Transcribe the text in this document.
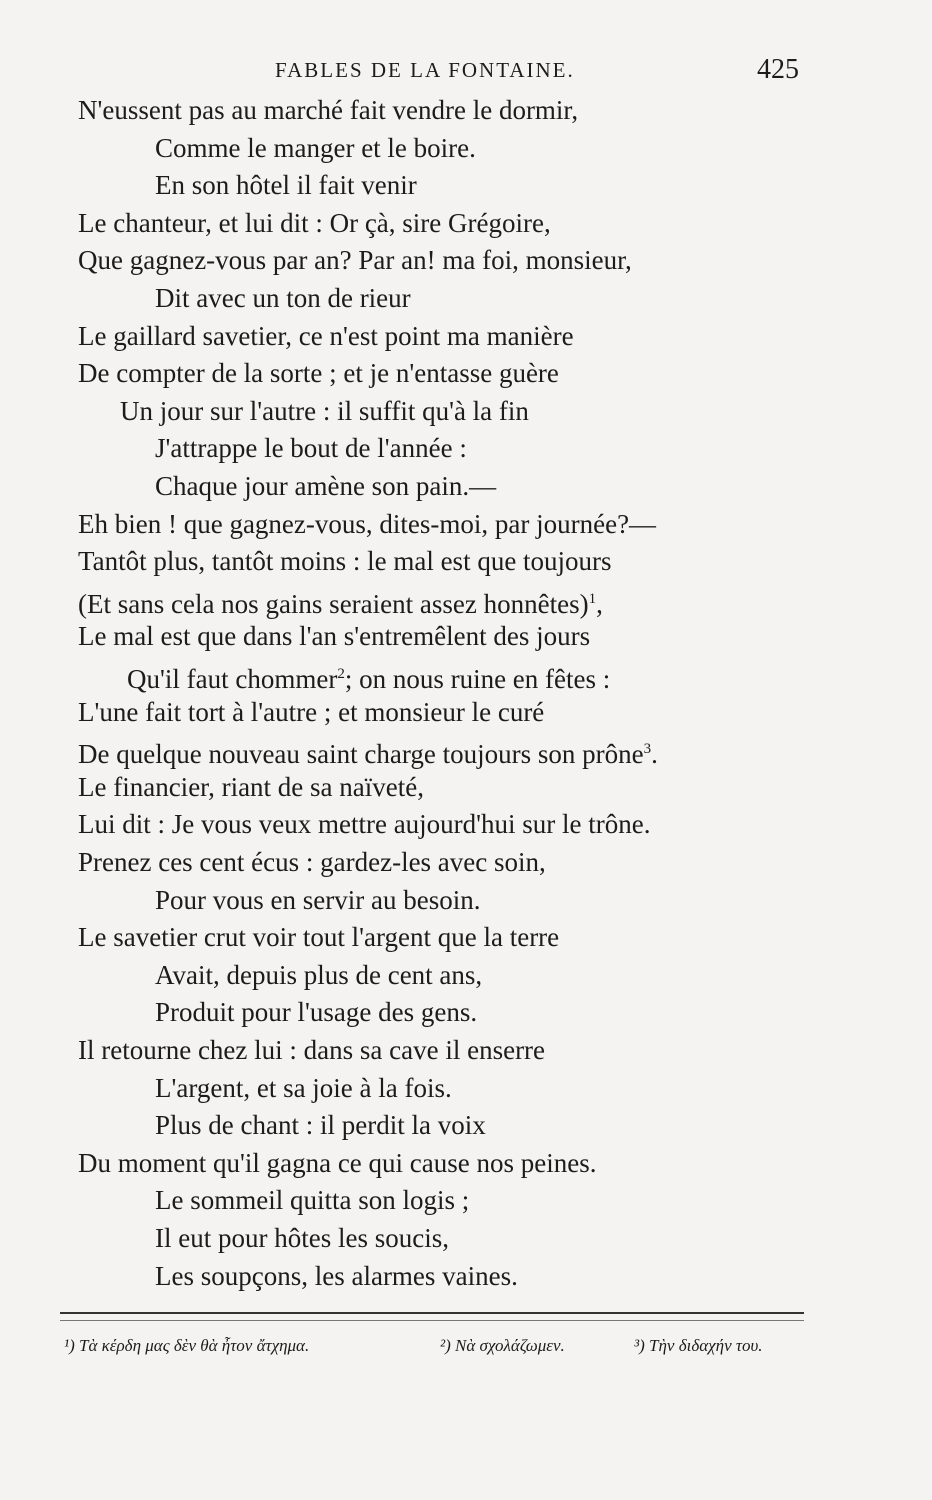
FABLES DE LA FONTAINE.	425
N'eussent pas au marché fait vendre le dormir,
Comme le manger et le boire.
En son hôtel il fait venir
Le chanteur, et lui dit : Or çà, sire Grégoire,
Que gagnez-vous par an? Par an! ma foi, monsieur,
Dit avec un ton de rieur
Le gaillard savetier, ce n'est point ma manière
De compter de la sorte ; et je n'entasse guère
Un jour sur l'autre : il suffit qu'à la fin
J'attrappe le bout de l'année :
Chaque jour amène son pain.—
Eh bien ! que gagnez-vous, dites-moi, par journée?—
Tantôt plus, tantôt moins : le mal est que toujours
(Et sans cela nos gains seraient assez honnêtes)$^1$,
Le mal est que dans l'an s'entremêlent des jours
Qu'il faut chommer$^2$; on nous ruine en fêtes :
L'une fait tort à l'autre ; et monsieur le curé
De quelque nouveau saint charge toujours son prône$^3$.
Le financier, riant de sa naïveté,
Lui dit : Je vous veux mettre aujourd'hui sur le trône.
Prenez ces cent écus : gardez-les avec soin,
Pour vous en servir au besoin.
Le savetier crut voir tout l'argent que la terre
Avait, depuis plus de cent ans,
Produit pour l'usage des gens.
Il retourne chez lui : dans sa cave il enserre
L'argent, et sa joie à la fois.
Plus de chant : il perdit la voix
Du moment qu'il gagna ce qui cause nos peines.
Le sommeil quitta son logis ;
Il eut pour hôtes les soucis,
Les soupçons, les alarmes vaines.
¹) Τὰ κέρδη μας δὲν θὰ ἦτον ἄτχημα.	²) Νὰ σχολάζωμεν.	³) Τὴν διδαχήν του.
